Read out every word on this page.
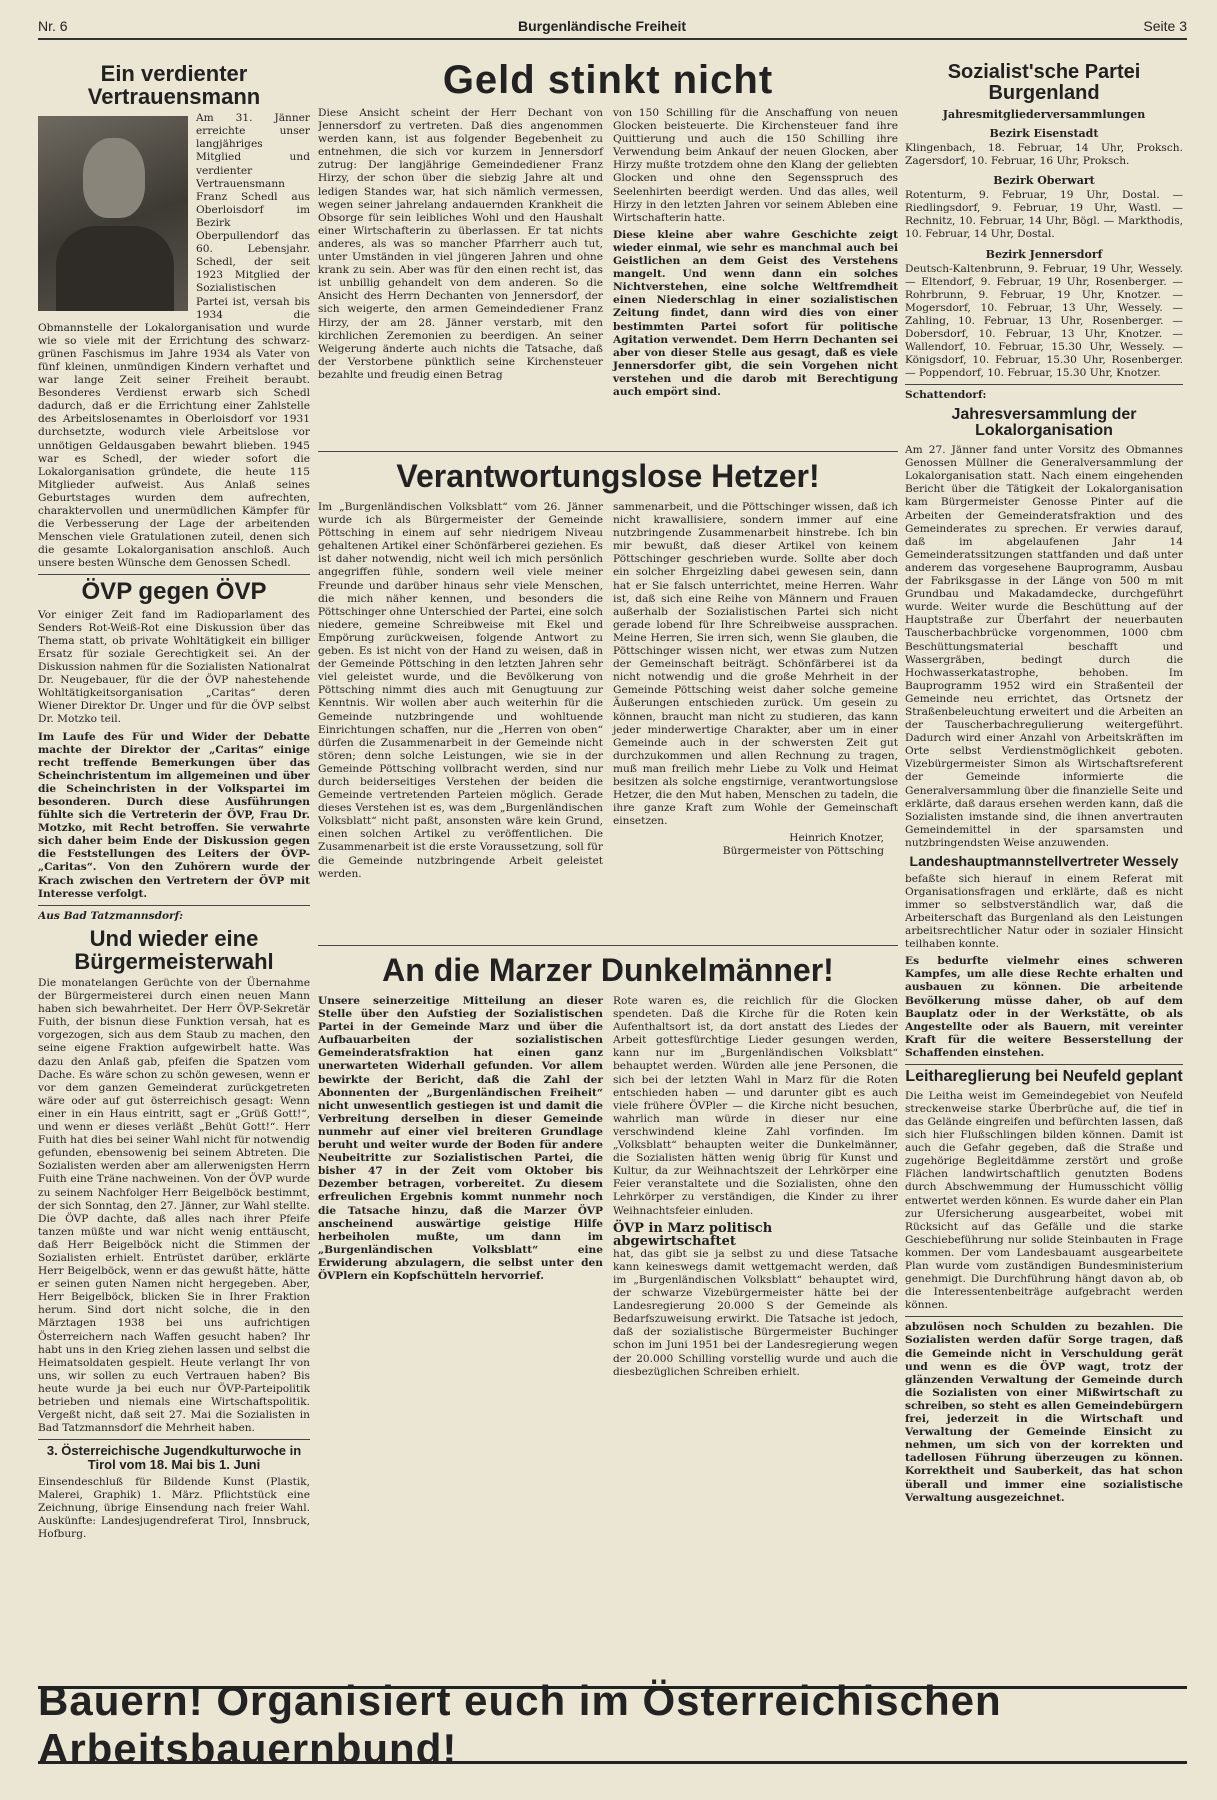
Nr. 6	Burgenländische Freiheit	Seite 3
Ein verdienter Vertrauensmann

Am 31. Jänner erreichte unser langjähriges Mitglied und verdienter Vertrauensmann Franz Schedl aus Oberloisdorf im Bezirk Oberpullendorf das 60. Lebensjahr. Schedl, der seit 1923 Mitglied der Sozialistischen Partei ist, versah bis 1934 die Obmannstelle der Lokalorganisation und wurde wie so viele mit der Errichtung des schwarz-grünen Faschismus im Jahre 1934 als Vater von fünf kleinen, unmündigen Kindern verhaftet und war lange Zeit seiner Freiheit beraubt. Besonderes Verdienst erwarb sich Schedl dadurch, daß er die Errichtung einer Zahlstelle des Arbeitslosenamtes in Oberloisdorf vor 1931 durchsetzte, wodurch viele Arbeitslose vor unnötigen Geldausgaben bewahrt blieben. 1945 war es Schedl, der wieder sofort die Lokalorganisation gründete, die heute 115 Mitglieder aufweist. Aus Anlaß seines Geburtstages wurden dem aufrechten, charaktervollen und unermüdlichen Kämpfer für die Verbesserung der Lage der arbeitenden Menschen viele Gratulationen zuteil, denen sich die gesamte Lokalorganisation anschloß. Auch unsere besten Wünsche dem Genossen Schedl.

ÖVP gegen ÖVP

Vor einiger Zeit fand im Radioparlament des Senders Rot-Weiß-Rot eine Diskussion über das Thema statt, ob private Wohltätigkeit ein billiger Ersatz für soziale Gerechtigkeit sei. An der Diskussion nahmen für die Sozialisten Nationalrat Dr. Neugebauer, für die der ÖVP nahestehende Wohltätigkeitsorganisation „Caritas“ deren Wiener Direktor Dr. Unger und für die ÖVP selbst Dr. Motzko teil.

Im Laufe des Für und Wider der Debatte machte der Direktor der „Caritas“ einige recht treffende Bemerkungen über das Scheinchristentum im allgemeinen und über die Scheinchristen in der Volkspartei im besonderen. Durch diese Ausführungen fühlte sich die Vertreterin der ÖVP, Frau Dr. Motzko, mit Recht betroffen. Sie verwahrte sich daher beim Ende der Diskussion gegen die Feststellungen des Leiters der ÖVP-„Caritas“. Von den Zuhörern wurde der Krach zwischen den Vertretern der ÖVP mit Interesse verfolgt.

Aus Bad Tatzmannsdorf:

Und wieder eine Bürgermeisterwahl

Die monatelangen Gerüchte von der Übernahme der Bürgermeisterei durch einen neuen Mann haben sich bewahrheitet. Der Herr ÖVP-Sekretär Fuith, der bisnun diese Funktion versah, hat es vorgezogen, sich aus dem Staub zu machen, den seine eigene Fraktion aufgewirbelt hatte. Was dazu den Anlaß gab, pfeifen die Spatzen vom Dache. Es wäre schon zu schön gewesen, wenn er vor dem ganzen Gemeinderat zurückgetreten wäre oder auf gut österreichisch gesagt: Wenn einer in ein Haus eintritt, sagt er „Grüß Gott!“, und wenn er dieses verläßt „Behüt Gott!“. Herr Fuith hat dies bei seiner Wahl nicht für notwendig gefunden, ebensowenig bei seinem Abtreten. Die Sozialisten werden aber am allerwenigsten Herrn Fuith eine Träne nachweinen. Von der ÖVP wurde zu seinem Nachfolger Herr Beigelböck bestimmt, der sich Sonntag, den 27. Jänner, zur Wahl stellte. Die ÖVP dachte, daß alles nach ihrer Pfeife tanzen müßte und war nicht wenig enttäuscht, daß Herr Beigelböck nicht die Stimmen der Sozialisten erhielt. Entrüstet darüber, erklärte Herr Beigelböck, wenn er das gewußt hätte, hätte er seinen guten Namen nicht hergegeben. Aber, Herr Beigelböck, blicken Sie in Ihrer Fraktion herum. Sind dort nicht solche, die in den Märztagen 1938 bei uns aufrichtigen Österreichern nach Waffen gesucht haben? Ihr habt uns in den Krieg ziehen lassen und selbst die Heimatsoldaten gespielt. Heute verlangt Ihr von uns, wir sollen zu euch Vertrauen haben? Bis heute wurde ja bei euch nur ÖVP-Parteipolitik betrieben und niemals eine Wirtschaftspolitik. Vergeßt nicht, daß seit 27. Mai die Sozialisten in Bad Tatzmannsdorf die Mehrheit haben.

3. Österreichische Jugendkulturwoche in Tirol vom 18. Mai bis 1. Juni

Einsendeschluß für Bildende Kunst (Plastik, Malerei, Graphik) 1. März. Pflichtstück eine Zeichnung, übrige Einsendung nach freier Wahl. Auskünfte: Landesjugendreferat Tirol, Innsbruck, Hofburg.

Geld stinkt nicht

Diese Ansicht scheint der Herr Dechant von Jennersdorf zu vertreten. Daß dies angenommen werden kann, ist aus folgender Begebenheit zu entnehmen, die sich vor kurzem in Jennersdorf zutrug: Der langjährige Gemeindediener Franz Hirzy, der schon über die siebzig Jahre alt und ledigen Standes war, hat sich nämlich vermessen, wegen seiner jahrelang andauernden Krankheit die Obsorge für sein leibliches Wohl und den Haushalt einer Wirtschafterin zu überlassen. Er tat nichts anderes, als was so mancher Pfarrherr auch tut, unter Umständen in viel jüngeren Jahren und ohne krank zu sein. Aber was für den einen recht ist, das ist unbillig gehandelt von dem anderen. So die Ansicht des Herrn Dechanten von Jennersdorf, der sich weigerte, den armen Gemeindediener Franz Hirzy, der am 28. Jänner verstarb, mit den kirchlichen Zeremonien zu beerdigen. An seiner Weigerung änderte auch nichts die Tatsache, daß der Verstorbene pünktlich seine Kirchensteuer bezahlte und freudig einen Betrag

von 150 Schilling für die Anschaffung von neuen Glocken beisteuerte. Die Kirchensteuer fand ihre Quittierung und auch die 150 Schilling ihre Verwendung beim Ankauf der neuen Glocken, aber Hirzy mußte trotzdem ohne den Klang der geliebten Glocken und ohne den Segensspruch des Seelenhirten beerdigt werden. Und das alles, weil Hirzy in den letzten Jahren vor seinem Ableben eine Wirtschafterin hatte.

Diese kleine aber wahre Geschichte zeigt wieder einmal, wie sehr es manchmal auch bei Geistlichen an dem Geist des Verstehens mangelt. Und wenn dann ein solches Nichtverstehen, eine solche Weltfremdheit einen Niederschlag in einer sozialistischen Zeitung findet, dann wird dies von einer bestimmten Partei sofort für politische Agitation verwendet. Dem Herrn Dechanten sei aber von dieser Stelle aus gesagt, daß es viele Jennersdorfer gibt, die sein Vorgehen nicht verstehen und die darob mit Berechtigung auch empört sind.

Verantwortungslose Hetzer!

Im „Burgenländischen Volksblatt“ vom 26. Jänner wurde ich als Bürgermeister der Gemeinde Pöttsching in einem auf sehr niedrigem Niveau gehaltenen Artikel einer Schönfärberei geziehen. Es ist daher notwendig, nicht weil ich mich persönlich angegriffen fühle, sondern weil viele meiner Freunde und darüber hinaus sehr viele Menschen, die mich näher kennen, und besonders die Pöttschinger ohne Unterschied der Partei, eine solch niedere, gemeine Schreibweise mit Ekel und Empörung zurückweisen, folgende Antwort zu geben. Es ist nicht von der Hand zu weisen, daß in der Gemeinde Pöttsching in den letzten Jahren sehr viel geleistet wurde, und die Bevölkerung von Pöttsching nimmt dies auch mit Genugtuung zur Kenntnis. Wir wollen aber auch weiterhin für die Gemeinde nutzbringende und wohltuende Einrichtungen schaffen, nur die „Herren von oben“ dürfen die Zusammenarbeit in der Gemeinde nicht stören; denn solche Leistungen, wie sie in der Gemeinde Pöttsching vollbracht werden, sind nur durch beiderseitiges Verstehen der beiden die Gemeinde vertretenden Parteien möglich. Gerade dieses Verstehen ist es, was dem „Burgenländischen Volksblatt“ nicht paßt, ansonsten wäre kein Grund, einen solchen Artikel zu veröffentlichen. Die Zusammenarbeit ist die erste Voraussetzung, soll für die Gemeinde nutzbringende Arbeit geleistet werden.

sammenarbeit, und die Pöttschinger wissen, daß ich nicht krawallisiere, sondern immer auf eine nutzbringende Zusammenarbeit hinstrebe. Ich bin mir bewußt, daß dieser Artikel von keinem Pöttschinger geschrieben wurde. Sollte aber doch ein solcher Ehrgeizling dabei gewesen sein, dann hat er Sie falsch unterrichtet, meine Herren. Wahr ist, daß sich eine Reihe von Männern und Frauen außerhalb der Sozialistischen Partei sich nicht gerade lobend für Ihre Schreibweise aussprachen. Meine Herren, Sie irren sich, wenn Sie glauben, die Pöttschinger wissen nicht, wer etwas zum Nutzen der Gemeinschaft beiträgt. Schönfärberei ist da nicht notwendig und die große Mehrheit in der Gemeinde Pöttsching weist daher solche gemeine Äußerungen entschieden zurück. Um gesein zu können, braucht man nicht zu studieren, das kann jeder minderwertige Charakter, aber um in einer Gemeinde auch in der schwersten Zeit gut durchzukommen und allen Rechnung zu tragen, muß man freilich mehr Liebe zu Volk und Heimat besitzen als solche engstirnige, verantwortungslose Hetzer, die den Mut haben, Menschen zu tadeln, die ihre ganze Kraft zum Wohle der Gemeinschaft einsetzen.

Heinrich Knotzer,

Bürgermeister von Pöttsching

An die Marzer Dunkelmänner!

Unsere seinerzeitige Mitteilung an dieser Stelle über den Aufstieg der Sozialistischen Partei in der Gemeinde Marz und über die Aufbauarbeiten der sozialistischen Gemeinderatsfraktion hat einen ganz unerwarteten Widerhall gefunden. Vor allem bewirkte der Bericht, daß die Zahl der Abonnenten der „Burgenländischen Freiheit“ nicht unwesentlich gestiegen ist und damit die Verbreitung derselben in dieser Gemeinde nunmehr auf einer viel breiteren Grundlage beruht und weiter wurde der Boden für andere Neubeitritte zur Sozialistischen Partei, die bisher 47 in der Zeit vom Oktober bis Dezember betragen, vorbereitet. Zu diesem erfreulichen Ergebnis kommt nunmehr noch die Tatsache hinzu, daß die Marzer ÖVP anscheinend auswärtige geistige Hilfe herbeiholen mußte, um dann im „Burgenländischen Volksblatt“ eine Erwiderung abzulagern, die selbst unter den ÖVPlern ein Kopfschütteln hervorrief.

Rote waren es, die reichlich für die Glocken spendeten. Daß die Kirche für die Roten kein Aufenthaltsort ist, da dort anstatt des Liedes der Arbeit gottesfürchtige Lieder gesungen werden, kann nur im „Burgenländischen Volksblatt“ behauptet werden. Würden alle jene Personen, die sich bei der letzten Wahl in Marz für die Roten entschieden haben — und darunter gibt es auch viele frühere ÖVPler — die Kirche nicht besuchen, wahrlich man würde in dieser nur eine verschwindend kleine Zahl vorfinden. Im „Volksblatt“ behaupten weiter die Dunkelmänner, die Sozialisten hätten wenig übrig für Kunst und Kultur, da zur Weihnachtszeit der Lehrkörper eine Feier veranstaltete und die Sozialisten, ohne den Lehrkörper zu verständigen, die Kinder zu ihrer Weihnachtsfeier einluden.

ÖVP in Marz politisch abgewirtschaftet

hat, das gibt sie ja selbst zu und diese Tatsache kann keineswegs damit wettgemacht werden, daß im „Burgenländischen Volksblatt“ behauptet wird, der schwarze Vizebürgermeister hätte bei der Landesregierung 20.000 S der Gemeinde als Bedarfszuweisung erwirkt. Die Tatsache ist jedoch, daß der sozialistische Bürgermeister Buchinger schon im Juni 1951 bei der Landesregierung wegen der 20.000 Schilling vorstellig wurde und auch die diesbezüglichen Schreiben erhielt.

Sozialist'sche Partei Burgenland
Jahresmitgliederversammlungen
Bezirk Eisenstadt

Klingenbach, 18. Februar, 14 Uhr, Proksch. Zagersdorf, 10. Februar, 16 Uhr, Proksch.

Bezirk Oberwart

Rotenturm, 9. Februar, 19 Uhr, Dostal. — Riedlingsdorf, 9. Februar, 19 Uhr, Wastl. — Rechnitz, 10. Februar, 14 Uhr, Bögl. — Markthodis, 10. Februar, 14 Uhr, Dostal.

Bezirk Jennersdorf

Deutsch-Kaltenbrunn, 9. Februar, 19 Uhr, Wessely. — Eltendorf, 9. Februar, 19 Uhr, Rosenberger. — Rohrbrunn, 9. Februar, 19 Uhr, Knotzer. — Mogersdorf, 10. Februar, 13 Uhr, Wessely. — Zahling, 10. Februar, 13 Uhr, Rosenberger. — Dobersdorf, 10. Februar, 13 Uhr, Knotzer. — Wallendorf, 10. Februar, 15.30 Uhr, Wessely. — Königsdorf, 10. Februar, 15.30 Uhr, Rosenberger. — Poppendorf, 10. Februar, 15.30 Uhr, Knotzer.

Schattendorf:

Jahresversammlung der Lokalorganisation

Am 27. Jänner fand unter Vorsitz des Obmannes Genossen Müllner die Generalversammlung der Lokalorganisation statt. Nach einem eingehenden Bericht über die Tätigkeit der Lokalorganisation kam Bürgermeister Genosse Pinter auf die Arbeiten der Gemeinderatsfraktion und des Gemeinderates zu sprechen. Er verwies darauf, daß im abgelaufenen Jahr 14 Gemeinderatssitzungen stattfanden und daß unter anderem das vorgesehene Bauprogramm, Ausbau der Fabriksgasse in der Länge von 500 m mit Grundbau und Makadamdecke, durchgeführt wurde. Weiter wurde die Beschüttung auf der Hauptstraße zur Überfahrt der neuerbauten Tauscherbachbrücke vorgenommen, 1000 cbm Beschüttungsmaterial beschafft und Wassergräben, bedingt durch die Hochwasserkatastrophe, behoben. Im Bauprogramm 1952 wird ein Straßenteil der Gemeinde neu errichtet, das Ortsnetz der Straßenbeleuchtung erweitert und die Arbeiten an der Tauscherbachregulierung weitergeführt. Dadurch wird einer Anzahl von Arbeitskräften im Orte selbst Verdienstmöglichkeit geboten. Vizebürgermeister Simon als Wirtschaftsreferent der Gemeinde informierte die Generalversammlung über die finanzielle Seite und erklärte, daß daraus ersehen werden kann, daß die Sozialisten imstande sind, die ihnen anvertrauten Gemeindemittel in der sparsamsten und nutzbringendsten Weise anzuwenden.

Landeshauptmannstellvertreter Wessely

befaßte sich hierauf in einem Referat mit Organisationsfragen und erklärte, daß es nicht immer so selbstverständlich war, daß die Arbeiterschaft das Burgenland als den Leistungen arbeitsrechtlicher Natur oder in sozialer Hinsicht teilhaben konnte.

Es bedurfte vielmehr eines schweren Kampfes, um alle diese Rechte erhalten und ausbauen zu können. Die arbeitende Bevölkerung müsse daher, ob auf dem Bauplatz oder in der Werkstätte, ob als Angestellte oder als Bauern, mit vereinter Kraft für die weitere Besserstellung der Schaffenden einstehen.

Leithareglierung bei Neufeld geplant

Die Leitha weist im Gemeindegebiet von Neufeld streckenweise starke Überbrüche auf, die tief in das Gelände eingreifen und befürchten lassen, daß sich hier Flußschlingen bilden können. Damit ist auch die Gefahr gegeben, daß die Straße und zugehörige Begleitdämme zerstört und große Flächen landwirtschaftlich genutzten Bodens durch Abschwemmung der Humusschicht völlig entwertet werden können. Es wurde daher ein Plan zur Ufersicherung ausgearbeitet, wobei mit Rücksicht auf das Gefälle und die starke Geschiebeführung nur solide Steinbauten in Frage kommen. Der vom Landesbauamt ausgearbeitete Plan wurde vom zuständigen Bundesministerium genehmigt. Die Durchführung hängt davon ab, ob die Interessentenbeiträge aufgebracht werden können.

abzulösen noch Schulden zu bezahlen. Die Sozialisten werden dafür Sorge tragen, daß die Gemeinde nicht in Verschuldung gerät und wenn es die ÖVP wagt, trotz der glänzenden Verwaltung der Gemeinde durch die Sozialisten von einer Mißwirtschaft zu schreiben, so steht es allen Gemeindebürgern frei, jederzeit in die Wirtschaft und Verwaltung der Gemeinde Einsicht zu nehmen, um sich von der korrekten und tadellosen Führung überzeugen zu können. Korrektheit und Sauberkeit, das hat schon überall und immer eine sozialistische Verwaltung ausgezeichnet.

Bauern! Organisiert euch im Österreichischen Arbeitsbauernbund!
